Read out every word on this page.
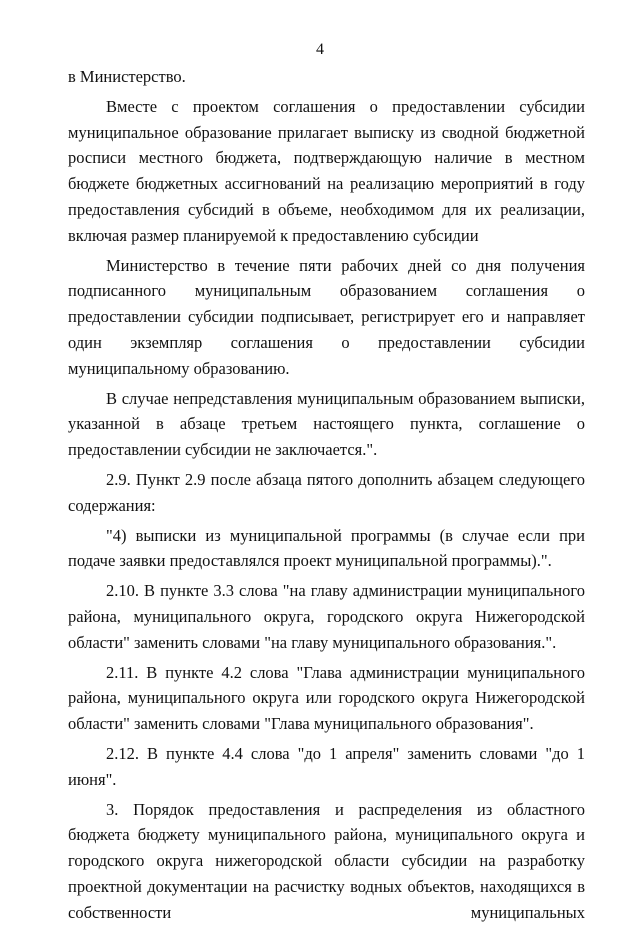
4

в Министерство.

Вместе с проектом соглашения о предоставлении субсидии муниципальное образование прилагает выписку из сводной бюджетной росписи местного бюджета, подтверждающую наличие в местном бюджете бюджетных ассигнований на реализацию мероприятий в году предоставления субсидий в объеме, необходимом для их реализации, включая размер планируемой к предоставлению субсидии

Министерство в течение пяти рабочих дней со дня получения подписанного муниципальным образованием соглашения о предоставлении субсидии подписывает, регистрирует его и направляет один экземпляр соглашения о предоставлении субсидии муниципальному образованию.

В случае непредставления муниципальным образованием выписки, указанной в абзаце третьем настоящего пункта, соглашение о предоставлении субсидии не заключается.".

2.9. Пункт 2.9 после абзаца пятого дополнить абзацем следующего содержания:

"4) выписки из муниципальной программы (в случае если при подаче заявки предоставлялся проект муниципальной программы).".

2.10. В пункте 3.3 слова "на главу администрации муниципального района, муниципального округа, городского округа Нижегородской области" заменить словами "на главу муниципального образования.".

2.11. В пункте 4.2 слова "Глава администрации муниципального района, муниципального округа или городского округа Нижегородской области" заменить словами "Глава муниципального образования".

2.12. В пункте 4.4 слова "до 1 апреля" заменить словами "до 1 июня".

3. Порядок предоставления и распределения из областного бюджета бюджету муниципального района, муниципального округа и городского округа нижегородской области субсидии на разработку проектной документации на расчистку водных объектов, находящихся в собственности муниципальных
